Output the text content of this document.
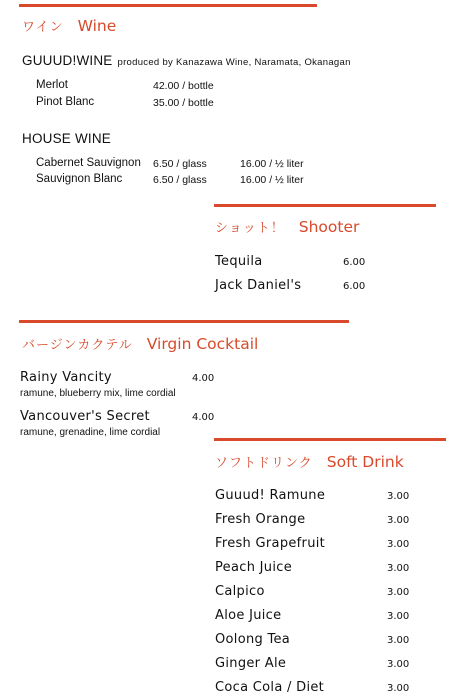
ワイン Wine
GUUUD!WINE produced by Kanazawa Wine, Naramata, Okanagan
Merlot	42.00 / bottle
Pinot Blanc	35.00 / bottle
HOUSE WINE
Cabernet Sauvignon 6.50 / glass	16.00 / ½ liter
Sauvignon Blanc	6.50 / glass	16.00 / ½ liter
ショット！ Shooter
Tequila	6.00
Jack Daniel's	6.00
バージンカクテル Virgin Cocktail
Rainy Vancity	4.00
ramune, blueberry mix, lime cordial
Vancouver's Secret	4.00
ramune, grenadine, lime cordial
ソフトドリンク Soft Drink
Guuud! Ramune	3.00
Fresh Orange	3.00
Fresh Grapefruit	3.00
Peach Juice	3.00
Calpico	3.00
Aloe Juice	3.00
Oolong Tea	3.00
Ginger Ale	3.00
Coca Cola / Diet	3.00
